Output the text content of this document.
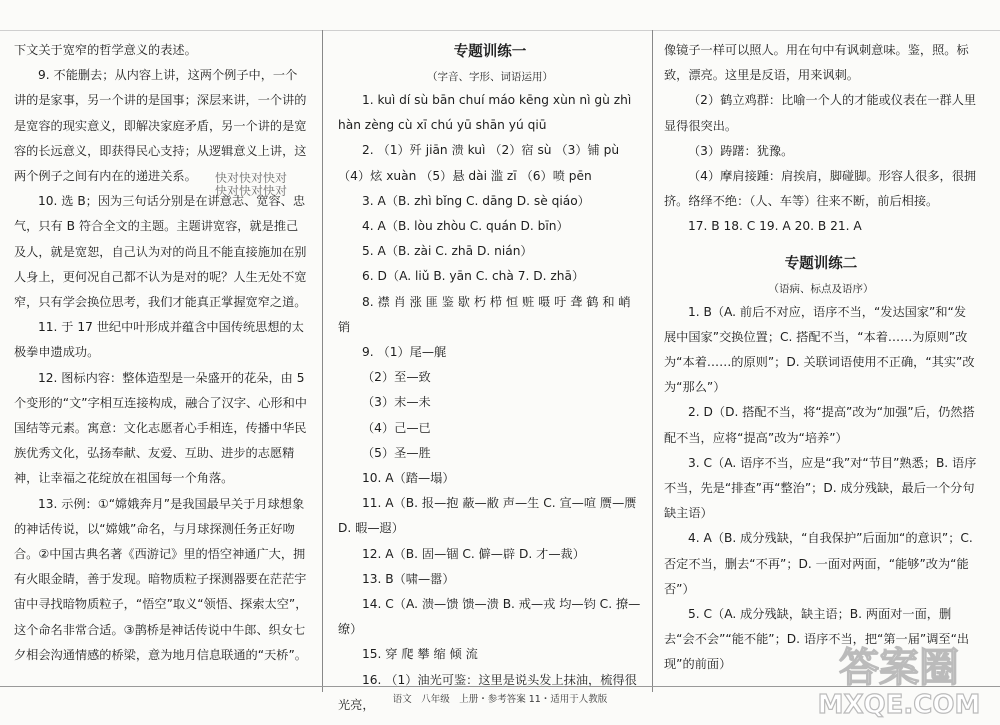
下文关于宽窄的哲学意义的表述。

9. 不能删去；从内容上讲，这两个例子中，一个讲的是家事，另一个讲的是国事；深层来讲，一个讲的是宽容的现实意义，即解决家庭矛盾，另一个讲的是宽容的长远意义，即获得民心支持；从逻辑意义上讲，这两个例子之间有内在的递进关系。

10. 选 B；因为三句话分别是在讲意志、宽容、忠气，只有 B 符合全文的主题。主题讲宽容，就是推己及人，就是宽恕，自己认为对的尚且不能直接施加在别人身上，更何况自己都不认为是对的呢？人生无处不宽窄，只有学会换位思考，我们才能真正掌握宽窄之道。

11. 于 17 世纪中叶形成并蕴含中国传统思想的太极拳申遗成功。

12. 图标内容：整体造型是一朵盛开的花朵，由 5 个变形的“文”字相互连接构成，融合了汉字、心形和中国结等元素。寓意：文化志愿者心手相连，传播中华民族优秀文化，弘扬奉献、友爱、互助、进步的志愿精神，让幸福之花绽放在祖国每一个角落。

13. 示例：①“嫦娥奔月”是我国最早关于月球想象的神话传说，以“嫦娥”命名，与月球探测任务正好吻合。②中国古典名著《西游记》里的悟空神通广大，拥有火眼金睛，善于发现。暗物质粒子探测器要在茫茫宇宙中寻找暗物质粒子，“悟空”取义“领悟、探索太空”，这个命名非常合适。③鹊桥是神话传说中牛郎、织女七夕相会沟通情感的桥梁，意为地月信息联通的“天桥”。

快对快对快对
快对快对快对

专题训练一

（字音、字形、词语运用）

1. kuì dí sù bān chuí máo kēng xùn nì gù zhì hàn zèng cù xī chú yū shān yú qiū

2. （1）歼 jiān 溃 kuì （2）宿 sù （3）铺 pù （4）炫 xuàn （5）悬 dài 滥 zī （6）喷 pēn

3. A（B. zhì bǐng C. dāng D. sè qiáo）

4. A（B. lòu zhòu C. quán D. bīn）

5. A（B. zài C. zhā D. nián）

6. D（A. liǔ B. yān C. chà 7. D. zhā）

8. 襟 肖 涨 匪 鉴 歇 朽 栉 恒 赃 嗫 吁 聋 鹤 和 峭 销

9. （1）尾—艉

（2）至—致

（3）末—未

（4）己—已

（5）圣—胜

10. A（踏—塌）

11. A（B. 报—抱 蔽—敝 声—生 C. 宣—喧 赝—赝 D. 暇—遐）

12. A（B. 固—锢 C. 僻—辟 D. 才—裁）

13. B（啸—嚣）

14. C（A. 溃—馈 馈—溃 B. 戒—戎 均—钧 C. 撩—缭）

15. 穿 爬 攀 缩 倾 流

16. （1）油光可鉴：这里是说头发上抹油，梳得很光亮，

像镜子一样可以照人。用在句中有讽刺意味。鉴，照。标致，漂亮。这里是反语，用来讽刺。

（2）鹤立鸡群：比喻一个人的才能或仪表在一群人里显得很突出。

（3）踌躇：犹豫。

（4）摩肩接踵：肩挨肩，脚碰脚。形容人很多，很拥挤。络绎不绝：（人、车等）往来不断，前后相接。

17. B 18. C 19. A 20. B 21. A

专题训练二

（语病、标点及语序）

1. B（A. 前后不对应，语序不当，“发达国家”和“发展中国家”交换位置；C. 搭配不当，“本着……为原则”改为“本着……的原则”；D. 关联词语使用不正确，“其实”改为“那么”）

2. D（D. 搭配不当，将“提高”改为“加强”后，仍然搭配不当，应将“提高”改为“培养”）

3. C（A. 语序不当，应是“我”对“节目”熟悉；B. 语序不当，先是“排查”再“整治”；D. 成分残缺，最后一个分句缺主语）

4. A（B. 成分残缺，“自我保护”后面加“的意识”；C. 否定不当，删去“不再”；D. 一面对两面，“能够”改为“能否”）

5. C（A. 成分残缺，缺主语；B. 两面对一面，删去“会不会”“能不能”；D. 语序不当，把“第一届”调至“出现”的前面）

语文　八年级　上册・参考答案 11・适用于人教版
答案圈
MXQE.COM
